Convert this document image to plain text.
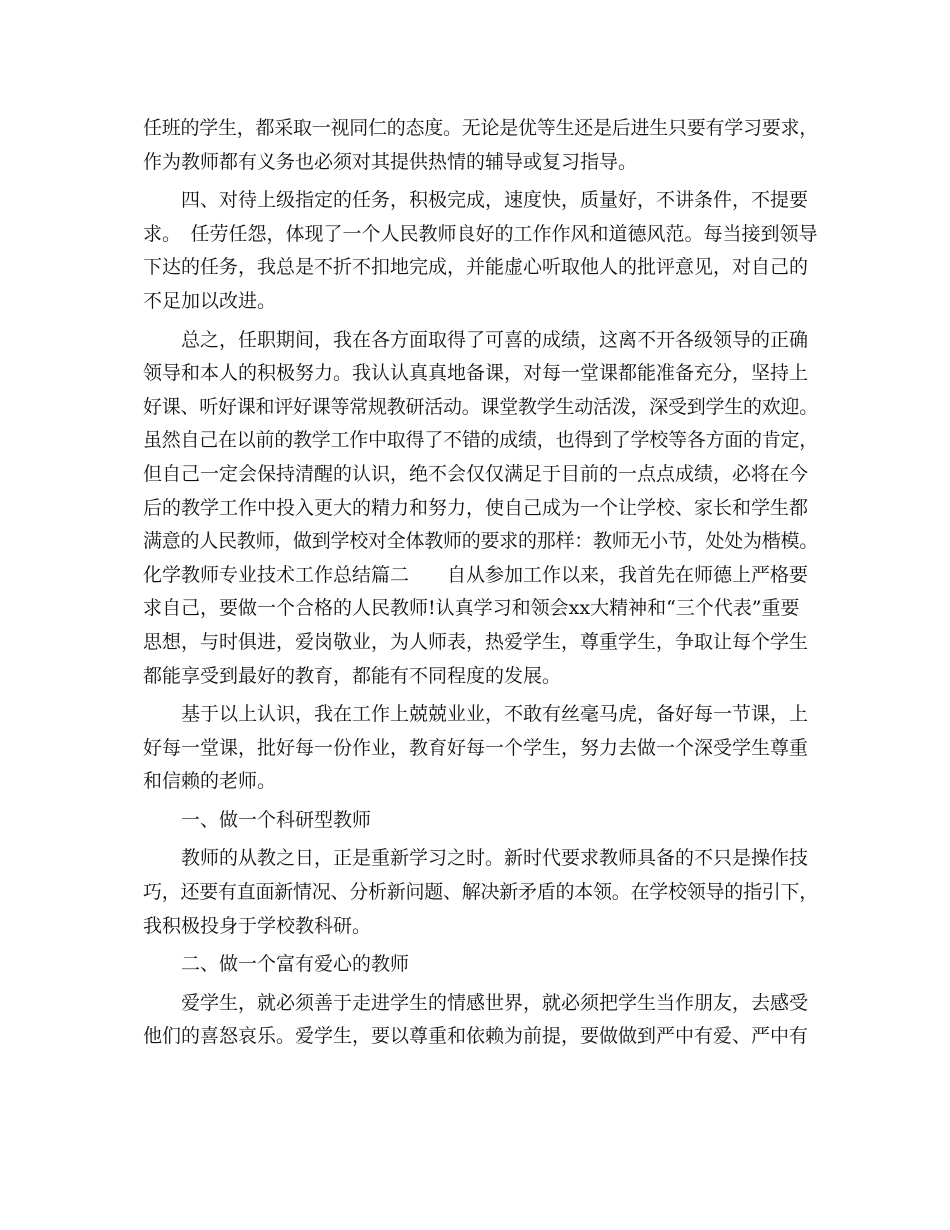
任班的学生，都采取一视同仁的态度。无论是优等生还是后进生只要有学习要求，
作为教师都有义务也必须对其提供热情的辅导或复习指导。
　　四、对待上级指定的任务，积极完成，速度快，质量好，不讲条件，不提要
求。　任劳任怨，体现了一个人民教师良好的工作作风和道德风范。每当接到领导
下达的任务，我总是不折不扣地完成，并能虚心听取他人的批评意见，对自己的
不足加以改进。
　　总之，任职期间，我在各方面取得了可喜的成绩，这离不开各级领导的正确
领导和本人的积极努力。我认认真真地备课，对每一堂课都能准备充分，坚持上
好课、听好课和评好课等常规教研活动。课堂教学生动活泼，深受到学生的欢迎。
虽然自己在以前的教学工作中取得了不错的成绩，也得到了学校等各方面的肯定，
但自己一定会保持清醒的认识，绝不会仅仅满足于目前的一点点成绩，必将在今
后的教学工作中投入更大的精力和努力，使自己成为一个让学校、家长和学生都
满意的人民教师，做到学校对全体教师的要求的那样：教师无小节，处处为楷模。
化学教师专业技术工作总结篇二　　自从参加工作以来，我首先在师德上严格要
求自己，要做一个合格的人民教师!认真学习和领会xx大精神和“三个代表”重要
思想，与时俱进，爱岗敬业，为人师表，热爱学生，尊重学生，争取让每个学生
都能享受到最好的教育，都能有不同程度的发展。
　　基于以上认识，我在工作上兢兢业业，不敢有丝毫马虎，备好每一节课，上
好每一堂课，批好每一份作业，教育好每一个学生，努力去做一个深受学生尊重
和信赖的老师。
　　一、做一个科研型教师
　　教师的从教之日，正是重新学习之时。新时代要求教师具备的不只是操作技
巧，还要有直面新情况、分析新问题、解决新矛盾的本领。在学校领导的指引下，
我积极投身于学校教科研。
　　二、做一个富有爱心的教师
　　爱学生，就必须善于走进学生的情感世界，就必须把学生当作朋友，去感受
他们的喜怒哀乐。爱学生，要以尊重和依赖为前提，要做做到严中有爱、严中有
